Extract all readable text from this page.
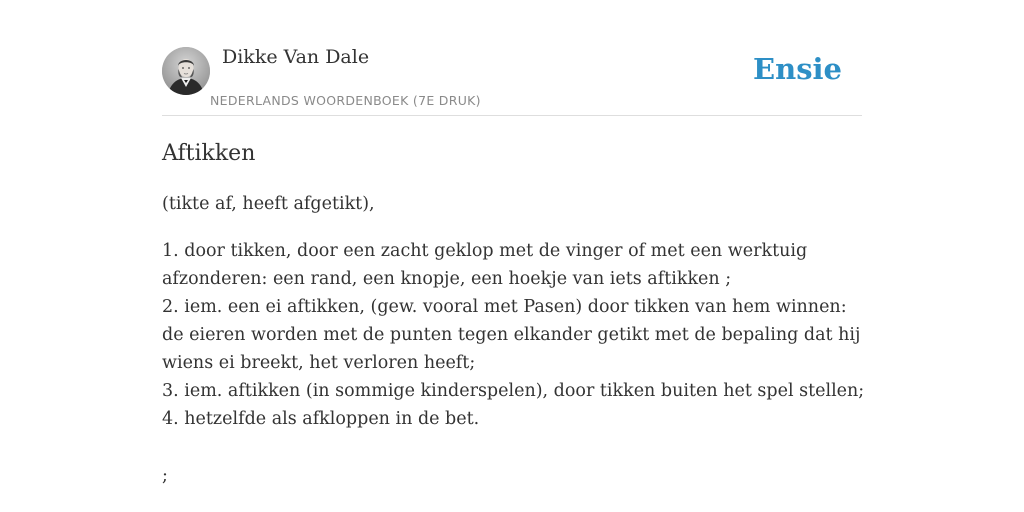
Dikke Van Dale
NEDERLANDS WOORDENBOEK (7E DRUK)
Ensie
Aftikken

(tikte af, heeft afgetikt),

1. door tikken, door een zacht geklop met de vinger of met een werktuig afzonderen: een rand, een knopje, een hoekje van iets aftikken ;
2. iem. een ei aftikken, (gew. vooral met Pasen) door tikken van hem winnen: de eieren worden met de punten tegen elkander getikt met de bepaling dat hij wiens ei breekt, het verloren heeft;
3. iem. aftikken (in sommige kinderspelen), door tikken buiten het spel stellen;
4. hetzelfde als afkloppen in de bet.

;
